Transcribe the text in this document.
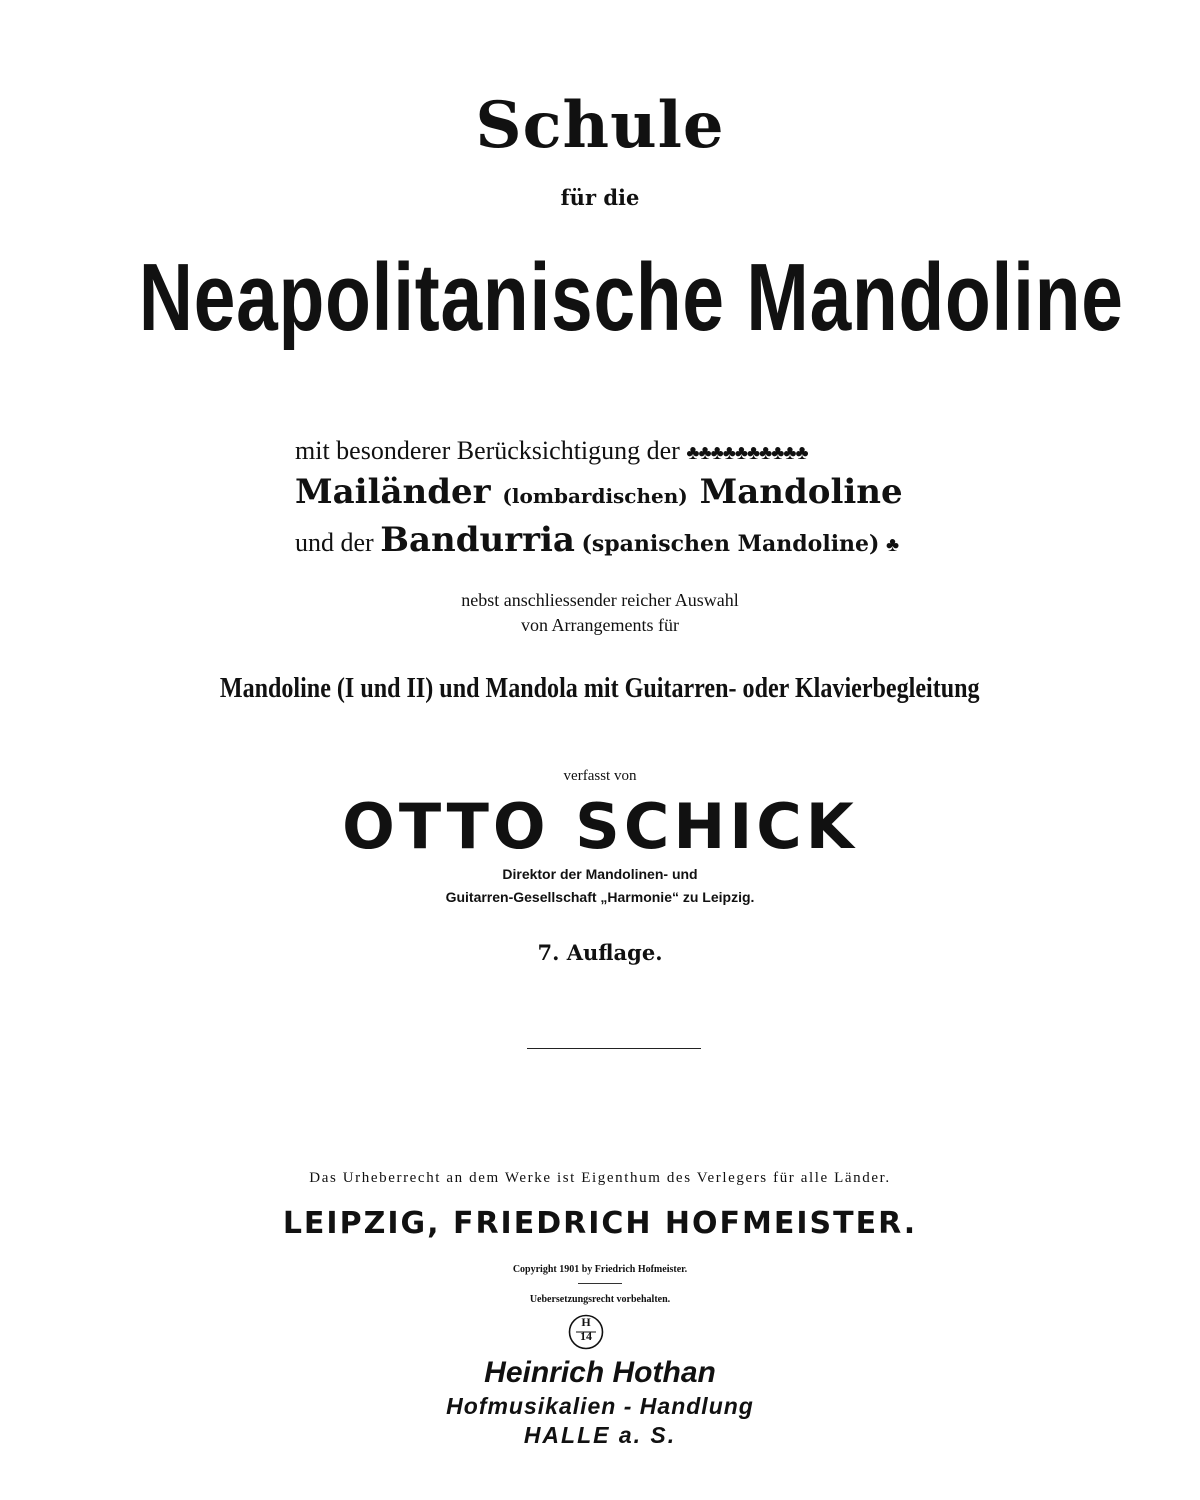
Schule
für die
Neapolitanische Mandoline
mit besonderer Berücksichtigung der ♣♣♣♣♣♣♣♣♣♣
Mailänder (lombardischen) Mandoline
und der Bandurria (spanischen Mandoline) ♣
nebst anschliessender reicher Auswahl
von Arrangements für
Mandoline (I und II) und Mandola mit Guitarren- oder Klavierbegleitung
verfasst von
OTTO SCHICK
Direktor der Mandolinen- und
Guitarren-Gesellschaft „Harmonie“ zu Leipzig.
7. Auflage.
Das Urheberrecht an dem Werke ist Eigenthum des Verlegers für alle Länder.
LEIPZIG, FRIEDRICH HOFMEISTER.
Copyright 1901 by Friedrich Hofmeister.
Uebersetzungsrecht vorbehalten.
H
14
Heinrich Hothan
Hofmusikalien - Handlung
HALLE a. S.
